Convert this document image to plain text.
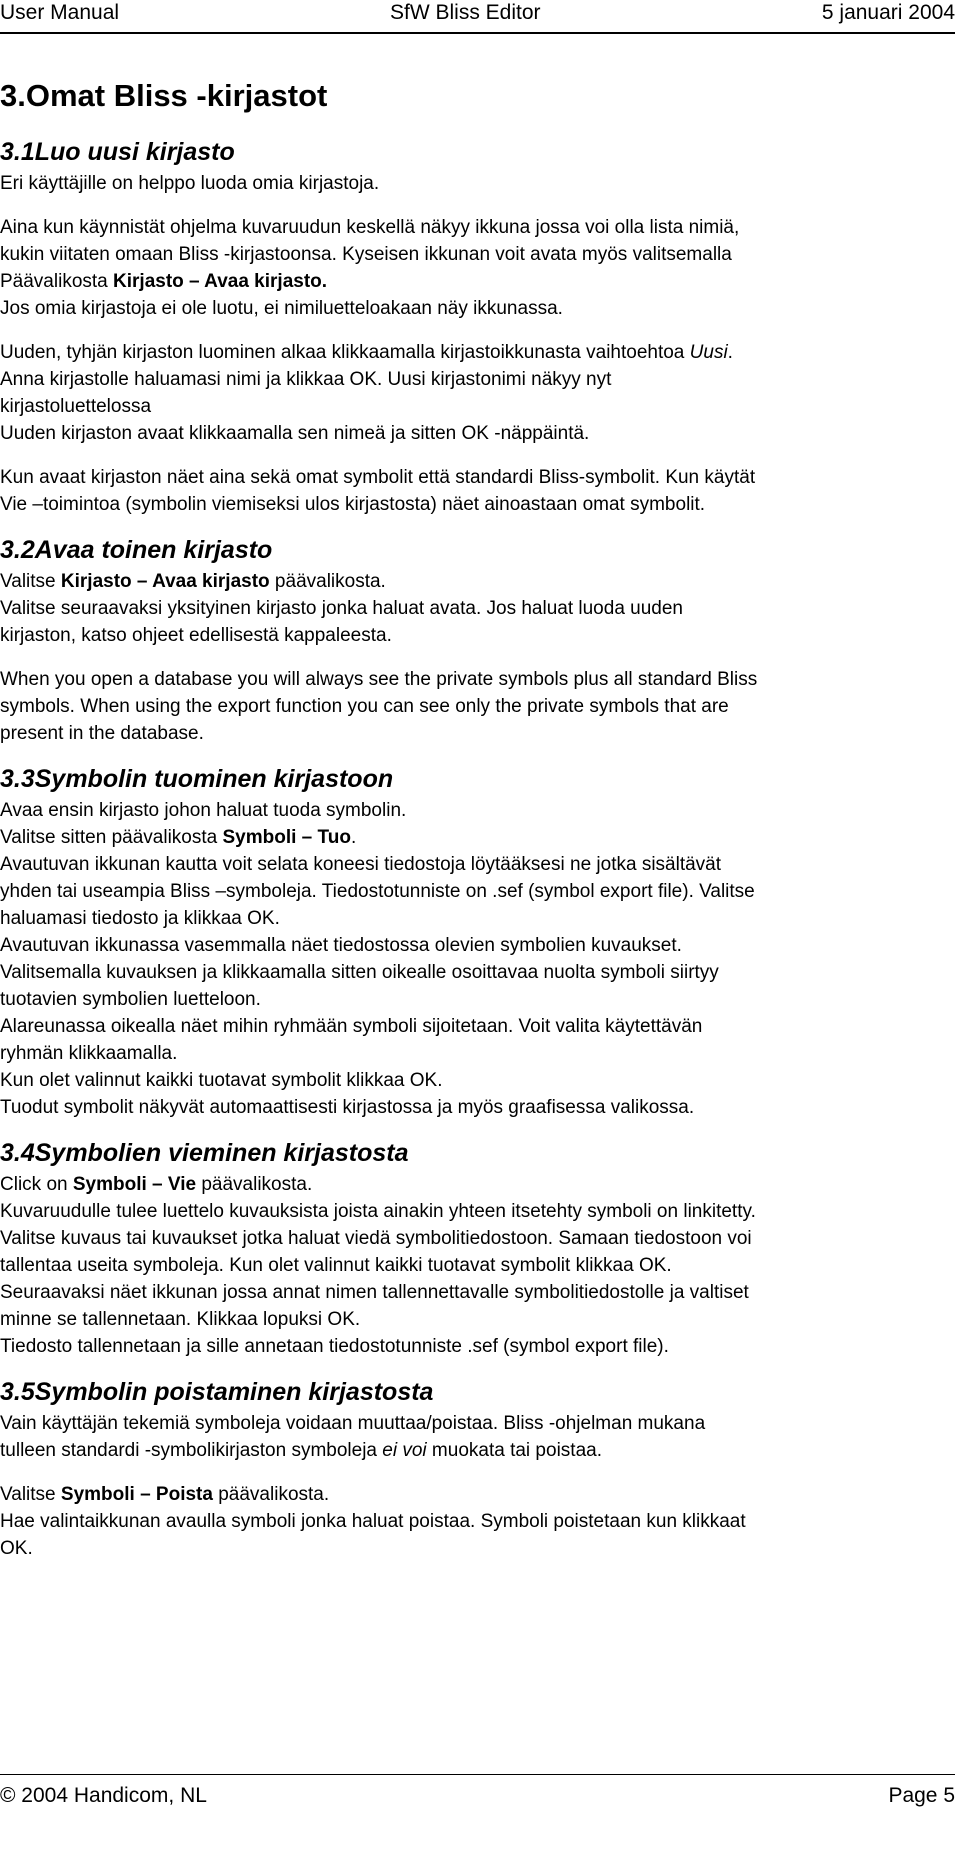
User Manual	SfW Bliss Editor	5 januari 2004
3.Omat Bliss -kirjastot
3.1Luo uusi kirjasto

Eri käyttäjille on helppo luoda omia kirjastoja.

Aina kun käynnistät ohjelma kuvaruudun keskellä näkyy ikkuna jossa voi olla lista nimiä,

kukin viitaten omaan Bliss -kirjastoonsa. Kyseisen ikkunan voit avata myös valitsemalla

Päävalikosta Kirjasto – Avaa kirjasto.

Jos omia kirjastoja ei ole luotu, ei nimiluetteloakaan näy ikkunassa.

Uuden, tyhjän kirjaston luominen alkaa klikkaamalla kirjastoikkunasta vaihtoehtoa Uusi.

Anna kirjastolle haluamasi nimi ja klikkaa OK. Uusi kirjastonimi näkyy nyt

kirjastoluettelossa

Uuden kirjaston avaat klikkaamalla sen nimeä ja sitten OK -näppäintä.

Kun avaat kirjaston näet aina sekä omat symbolit että standardi Bliss-symbolit. Kun käytät

Vie –toimintoa (symbolin viemiseksi ulos kirjastosta) näet ainoastaan omat symbolit.

3.2Avaa toinen kirjasto

Valitse Kirjasto – Avaa kirjasto päävalikosta.

Valitse seuraavaksi yksityinen kirjasto jonka haluat avata. Jos haluat luoda uuden

kirjaston, katso ohjeet edellisestä kappaleesta.

When you open a database you will always see the private symbols plus all standard Bliss

symbols. When using the export function you can see only the private symbols that are

present in the database.

3.3Symbolin tuominen kirjastoon

Avaa ensin kirjasto johon haluat tuoda symbolin.

Valitse sitten päävalikosta Symboli – Tuo.

Avautuvan ikkunan kautta voit selata koneesi tiedostoja löytääksesi ne jotka sisältävät

yhden tai useampia Bliss –symboleja. Tiedostotunniste on .sef (symbol export file). Valitse

haluamasi tiedosto ja klikkaa OK.

Avautuvan ikkunassa vasemmalla näet tiedostossa olevien symbolien kuvaukset.

Valitsemalla kuvauksen ja klikkaamalla sitten oikealle osoittavaa nuolta symboli siirtyy

tuotavien symbolien luetteloon.

Alareunassa oikealla näet mihin ryhmään symboli sijoitetaan. Voit valita käytettävän

ryhmän klikkaamalla.

Kun olet valinnut kaikki tuotavat symbolit klikkaa OK.

Tuodut symbolit näkyvät automaattisesti kirjastossa ja myös graafisessa valikossa.

3.4Symbolien vieminen kirjastosta

Click on Symboli – Vie päävalikosta.

Kuvaruudulle tulee luettelo kuvauksista joista ainakin yhteen itsetehty symboli on linkitetty.

Valitse kuvaus tai kuvaukset jotka haluat viedä symbolitiedostoon. Samaan tiedostoon voi

tallentaa useita symboleja. Kun olet valinnut kaikki tuotavat symbolit klikkaa OK.

Seuraavaksi näet ikkunan jossa annat nimen tallennettavalle symbolitiedostolle ja valtiset

minne se tallennetaan. Klikkaa lopuksi OK.

Tiedosto tallennetaan ja sille annetaan tiedostotunniste .sef (symbol export file).

3.5Symbolin poistaminen kirjastosta

Vain käyttäjän tekemiä symboleja voidaan muuttaa/poistaa. Bliss -ohjelman mukana

tulleen standardi -symbolikirjaston symboleja ei voi muokata tai poistaa.

Valitse Symboli – Poista päävalikosta.

Hae valintaikkunan avaulla symboli jonka haluat poistaa. Symboli poistetaan kun klikkaat

OK.

© 2004 Handicom, NL	Page 5
